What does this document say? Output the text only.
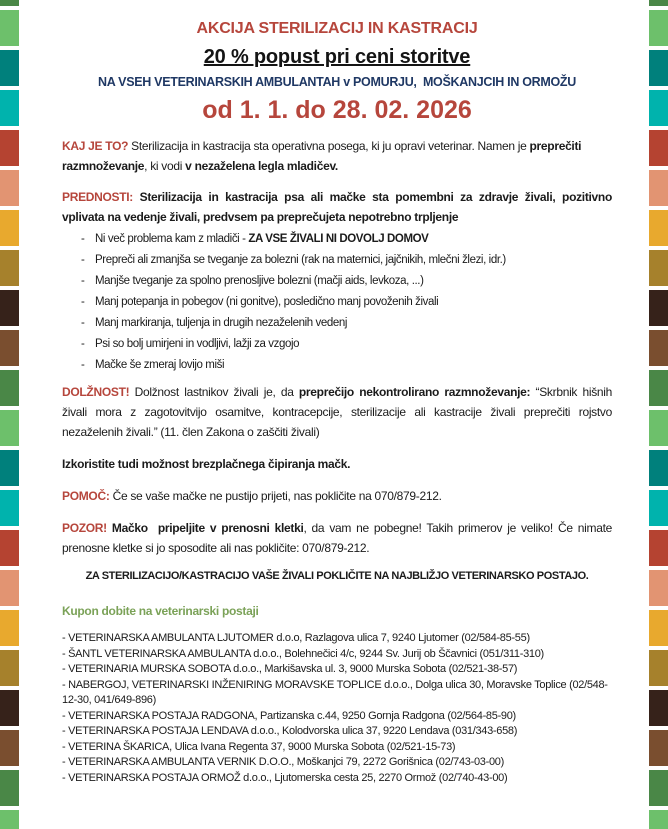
AKCIJA STERILIZACIJ IN KASTRACIJ
20 % popust pri ceni storitve
NA VSEH VETERINARSKIH AMBULANTAH v POMURJU,  MOŠKANJCIH IN ORMOŽU
od 1. 1. do 28. 02. 2026

KAJ JE TO? Sterilizacija in kastracija sta operativna posega, ki ju opravi veterinar. Namen je preprečiti razmnoževanje, ki vodi v nezaželena legla mladičev.

PREDNOSTI: Sterilizacija in kastracija psa ali mačke sta pomembni za zdravje živali, pozitivno vplivata na vedenje živali, predvsem pa preprečujeta nepotrebno trpljenje

- Ni več problema kam z mladiči - ZA VSE ŽIVALI NI DOVOLJ DOMOV
- Prepreči ali zmanjša se tveganje za bolezni (rak na maternici, jajčnikih, mlečni žlezi, idr.)
- Manjše tveganje za spolno prenosljive bolezni (mačji aids, levkoza, ...)
- Manj potepanja in pobegov (ni gonitve), posledično manj povoženih živali
- Manj markiranja, tuljenja in drugih nezaželenih vedenj
- Psi so bolj umirjeni in vodljivi, lažji za vzgojo
- Mačke še zmeraj lovijo miši

DOLŽNOST! Dolžnost lastnikov živali je, da preprečijo nekontrolirano razmnoževanje: “Skrbnik hišnih živali mora z zagotovitvijo osamitve, kontracepcije, sterilizacije ali kastracije živali preprečiti rojstvo nezaželenih živali.” (11. člen Zakona o zaščiti živali)

Izkoristite tudi možnost brezplačnega čipiranja mačk.

POMOČ: Če se vaše mačke ne pustijo prijeti, nas pokličite na 070/879-212.

POZOR! Mačko  pripeljite v prenosni kletki, da vam ne pobegne! Takih primerov je veliko! Če nimate prenosne kletke si jo sposodite ali nas pokličite: 070/879-212.

ZA STERILIZACIJO/KASTRACIJO VAŠE ŽIVALI POKLIČITE NA NAJBLIŽJO VETERINARSKO POSTAJO.

Kupon dobite na veterinarski postaji

- VETERINARSKA AMBULANTA LJUTOMER d.o.o, Razlagova ulica 7, 9240 Ljutomer (02/584-85-55)
- ŠANTL VETERINARSKA AMBULANTA d.o.o., Bolehnečici 4/c, 9244 Sv. Jurij ob Ščavnici (051/311-310)
- VETERINARIA MURSKA SOBOTA d.o.o., Markišavska ul. 3, 9000 Murska Sobota (02/521-38-57)
- NABERGOJ, VETERINARSKI INŽENIRING MORAVSKE TOPLICE d.o.o., Dolga ulica 30, Moravske Toplice (02/548-12-30, 041/649-896)
- VETERINARSKA POSTAJA RADGONA, Partizanska c.44, 9250 Gornja Radgona (02/564-85-90)
- VETERINARSKA POSTAJA LENDAVA d.o.o., Kolodvorska ulica 37, 9220 Lendava (031/343-658)
- VETERINA ŠKARICA, Ulica Ivana Regenta 37, 9000 Murska Sobota (02/521-15-73)
- VETERINARSKA AMBULANTA VERNIK D.O.O., Moškanjci 79, 2272 Gorišnica (02/743-03-00)
- VETERINARSKA POSTAJA ORMOŽ d.o.o., Ljutomerska cesta 25, 2270 Ormož (02/740-43-00)
